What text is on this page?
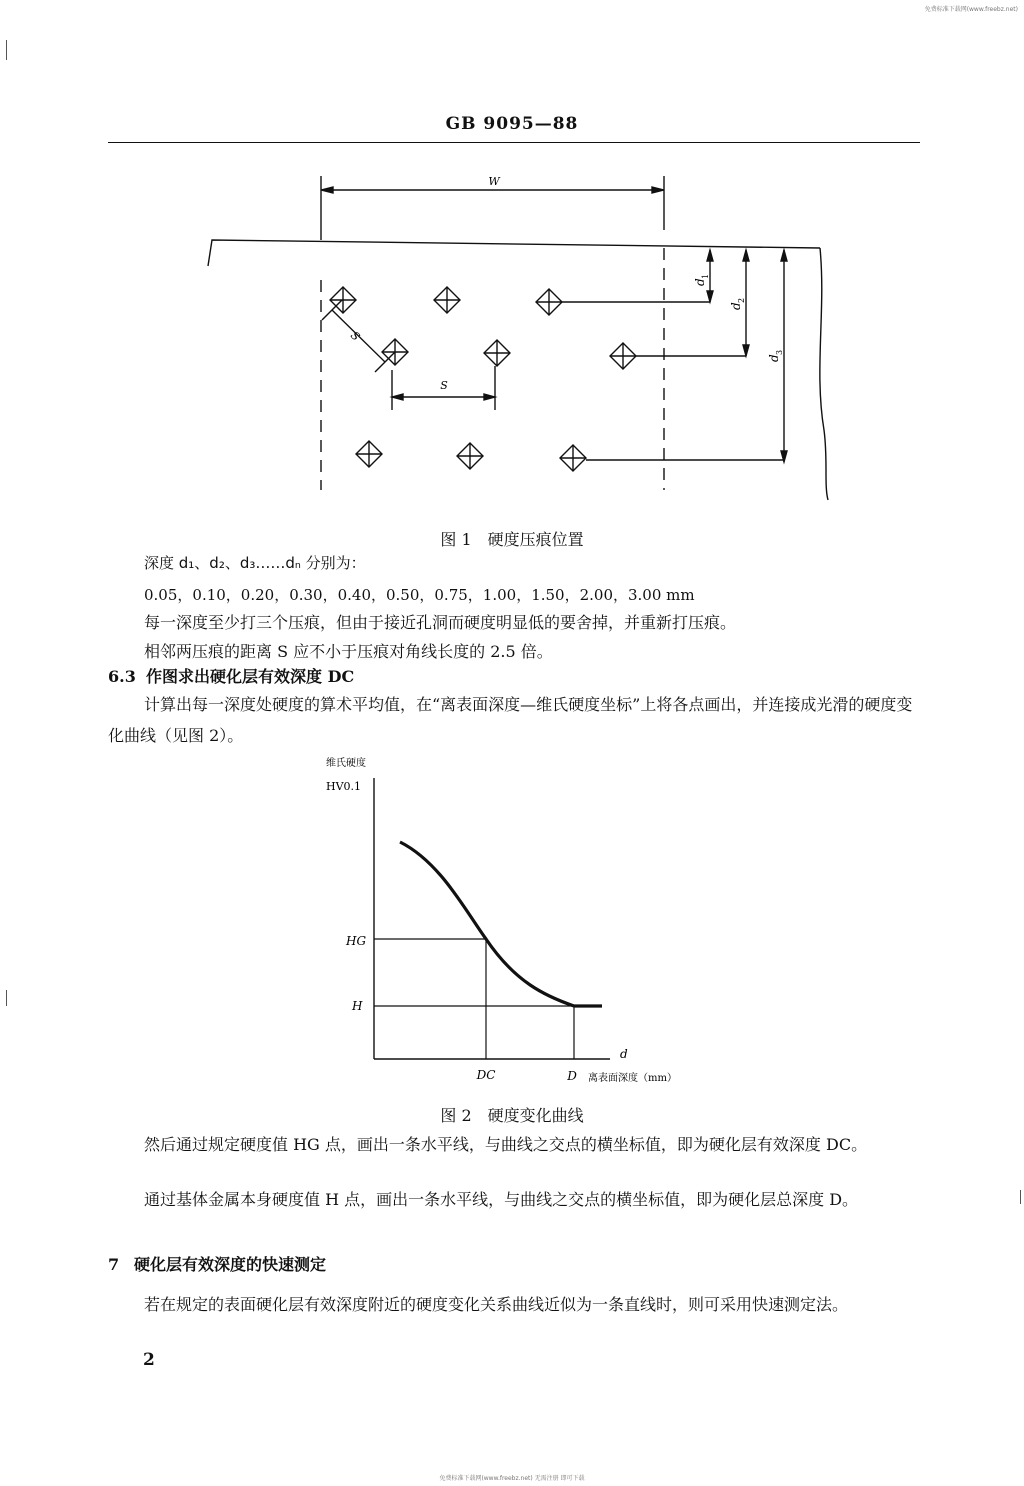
免费标准下载网(www.freebz.net)
GB 9095—88
W
S
S
d
1
d
2
d
3
图 1　硬度压痕位置
深度 d₁、d₂、d₃……dₙ 分别为：
0.05，0.10，0.20，0.30，0.40，0.50，0.75，1.00，1.50，2.00，3.00 mm
每一深度至少打三个压痕，但由于接近孔洞而硬度明显低的要舍掉，并重新打压痕。
相邻两压痕的距离 S 应不小于压痕对角线长度的 2.5 倍。
6.3 作图求出硬化层有效深度 DC
计算出每一深度处硬度的算术平均值，在“离表面深度—维氏硬度坐标”上将各点画出，并连接成光滑的硬度变化曲线（见图 2）。
维氏硬度
HV0.1
HG
H
d
DC	D 离表面深度（mm）
图 2　硬度变化曲线
然后通过规定硬度值 HG 点，画出一条水平线，与曲线之交点的横坐标值，即为硬化层有效深度 DC。
通过基体金属本身硬度值 H 点，画出一条水平线，与曲线之交点的横坐标值，即为硬化层总深度 D。
7 硬化层有效深度的快速测定
若在规定的表面硬化层有效深度附近的硬度变化关系曲线近似为一条直线时，则可采用快速测定法。
2
免费标准下载网(www.freebz.net) 无需注册 即可下载
